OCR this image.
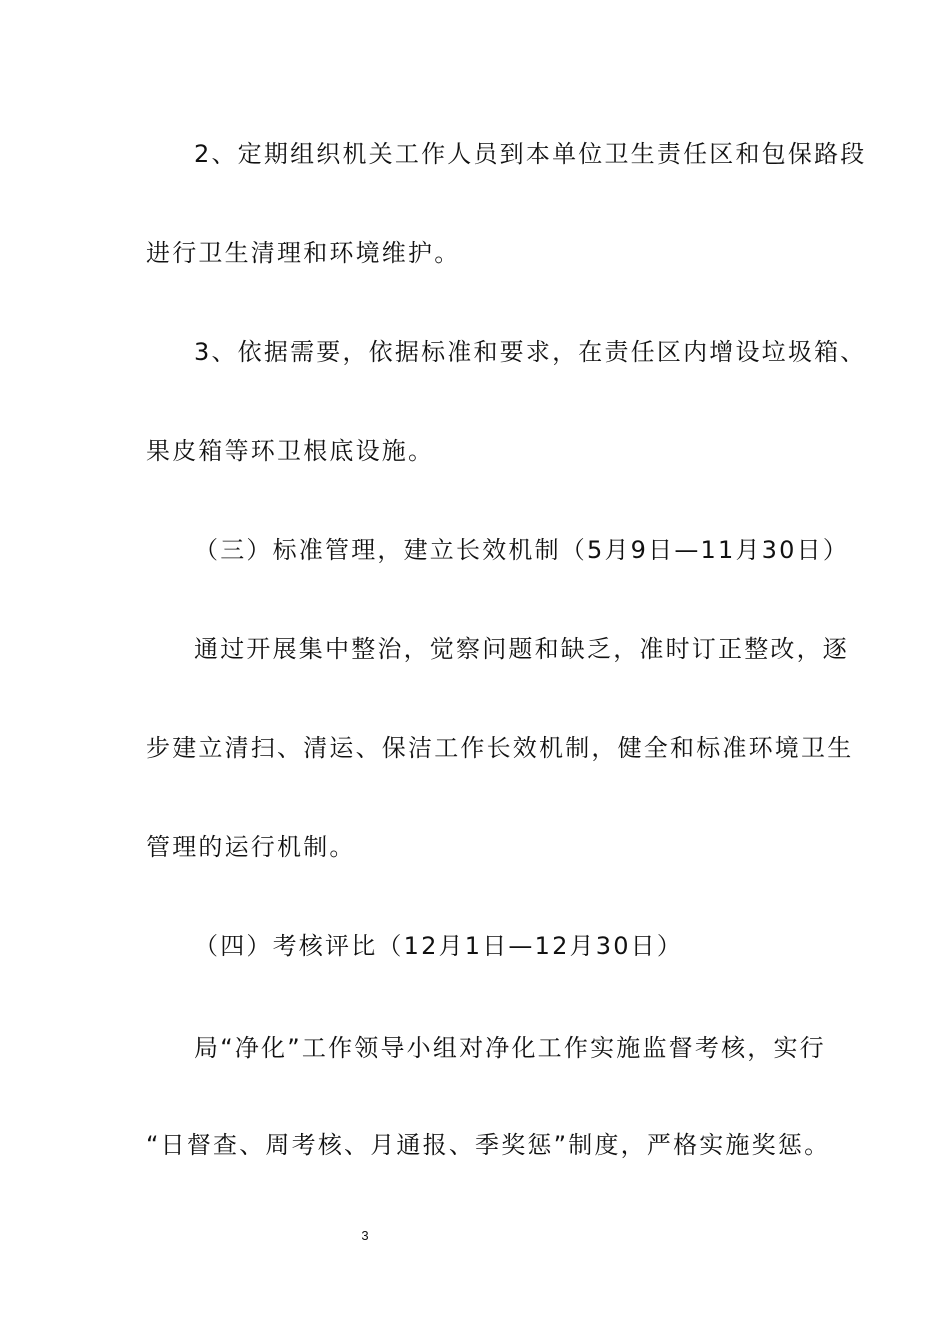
2、定期组织机关工作人员到本单位卫生责任区和包保路段
进行卫生清理和环境维护。
3、依据需要，依据标准和要求，在责任区内增设垃圾箱、
果皮箱等环卫根底设施。
（三）标准管理，建立长效机制（5月9日—11月30日）
通过开展集中整治，觉察问题和缺乏，准时订正整改，逐
步建立清扫、清运、保洁工作长效机制，健全和标准环境卫生
管理的运行机制。
（四）考核评比（12月1日—12月30日）
局“净化”工作领导小组对净化工作实施监督考核，实行
“日督查、周考核、月通报、季奖惩”制度，严格实施奖惩。
3
